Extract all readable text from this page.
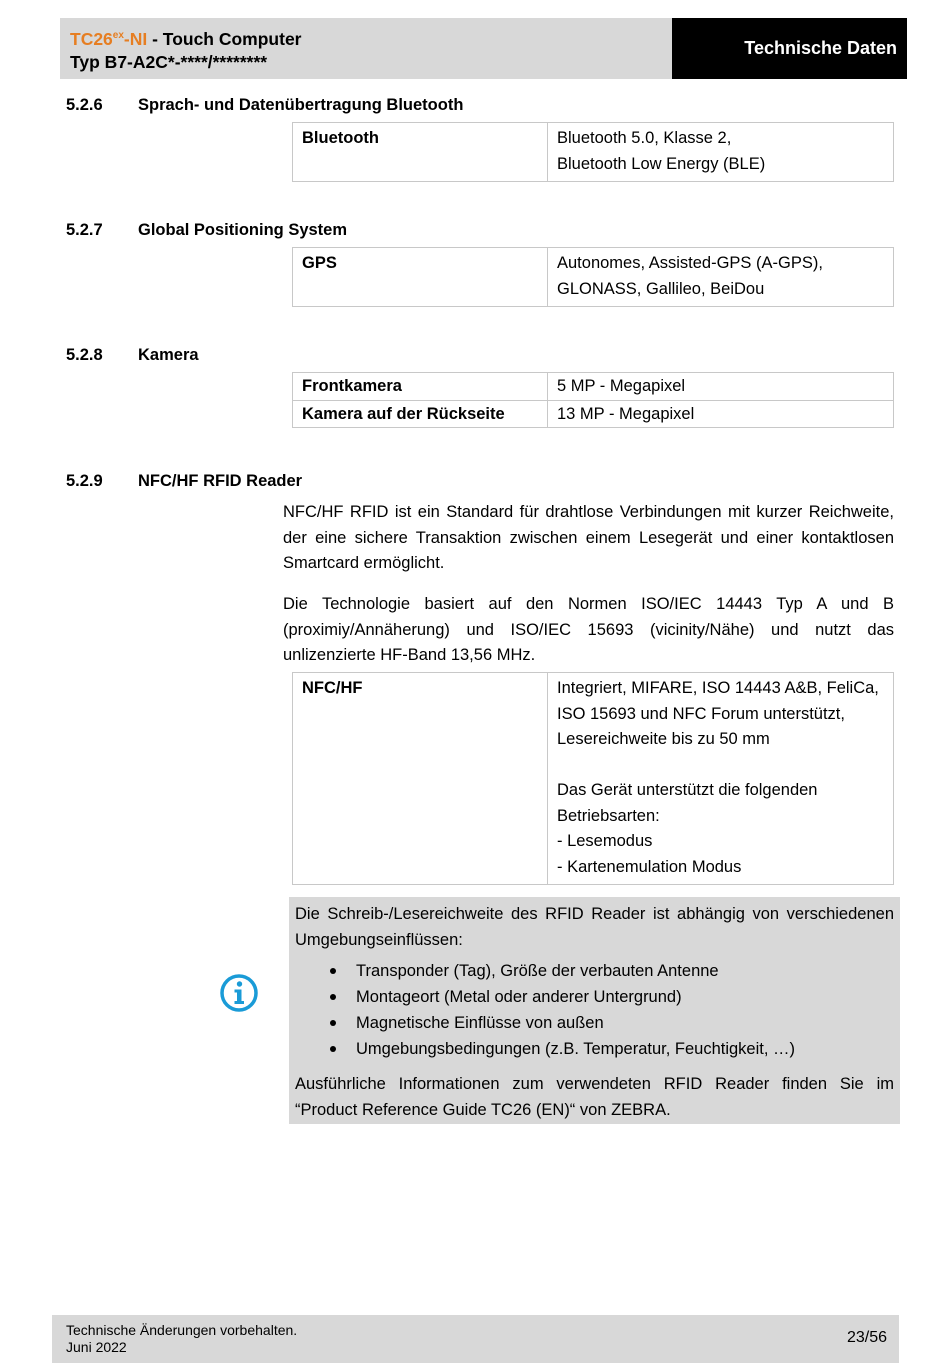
$TC26^{ex}-NI$ - Touch Computer
Typ B7-A2C*-****/********
Technische Daten
5.2.6 Sprach- und Datenübertragung Bluetooth
Bluetooth	Bluetooth 5.0, Klasse 2,
Bluetooth Low Energy (BLE)
5.2.7 Global Positioning System
GPS	Autonomes, Assisted-GPS (A-GPS),
GLONASS, Gallileo, BeiDou
5.2.8 Kamera
Frontkamera	5 MP - Megapixel
Kamera auf der Rückseite	13 MP - Megapixel
5.2.9 NFC/HF RFID Reader
NFC/HF RFID ist ein Standard für drahtlose Verbindungen mit kurzer Reichweite, der eine sichere Transaktion zwischen einem Lesegerät und einer kontaktlosen Smartcard ermöglicht.
Die Technologie basiert auf den Normen ISO/IEC 14443 Typ A und B (proximiy/Annäherung) und ISO/IEC 15693 (vicinity/Nähe) und nutzt das unlizenzierte HF-Band 13,56 MHz.
NFC/HF	Integriert, MIFARE, ISO 14443 A&B, FeliCa,
ISO 15693 und NFC Forum unterstützt,
Lesereichweite bis zu 50 mm
Das Gerät unterstützt die folgenden
Betriebsarten:
- Lesemodus
- Kartenemulation Modus
Die Schreib-/Lesereichweite des RFID Reader ist abhängig von verschiedenen Umgebungseinflüssen:
Transponder (Tag), Größe der verbauten Antenne
Montageort (Metal oder anderer Untergrund)
Magnetische Einflüsse von außen
Umgebungsbedingungen (z.B. Temperatur, Feuchtigkeit, …)
Ausführliche Informationen zum verwendeten RFID Reader finden Sie im “Product Reference Guide TC26 (EN)“ von ZEBRA.
Technische Änderungen vorbehalten.
Juni 2022
23/56
